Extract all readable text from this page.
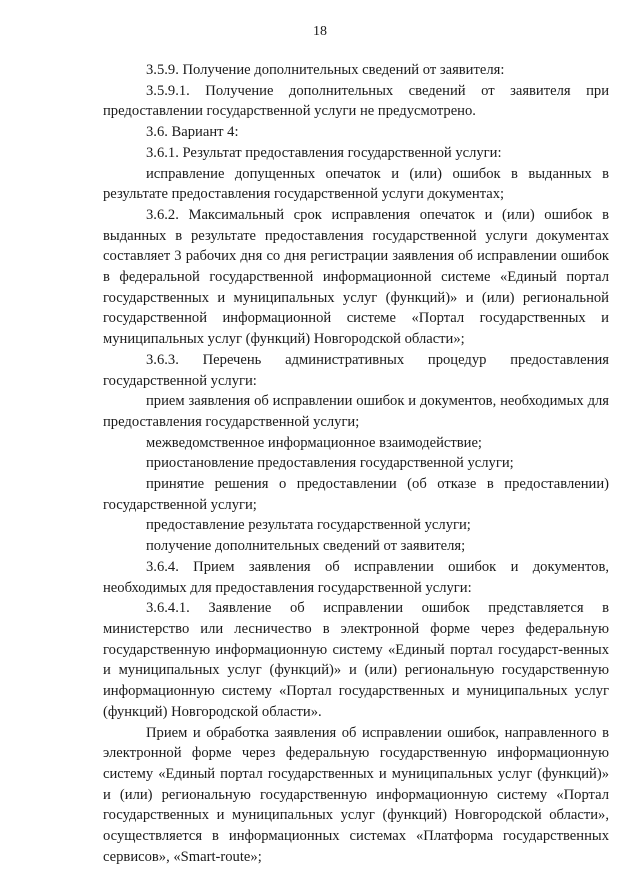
18

3.5.9. Получение дополнительных сведений от заявителя:

3.5.9.1. Получение дополнительных сведений от заявителя при предоставлении государственной услуги не предусмотрено.

3.6. Вариант 4:

3.6.1. Результат предоставления государственной услуги:

исправление допущенных опечаток и (или) ошибок в выданных в результате предоставления государственной услуги документах;

3.6.2. Максимальный срок исправления опечаток и (или) ошибок в выданных в результате предоставления государственной услуги документах составляет 3 рабочих дня со дня регистрации заявления об исправлении ошибок в федеральной государственной информационной системе «Единый портал государственных и муниципальных услуг (функций)» и (или) региональной государственной информационной системе «Портал государственных и муниципальных услуг (функций) Новгородской области»;

3.6.3. Перечень административных процедур предоставления государственной услуги:

прием заявления об исправлении ошибок и документов, необходимых для предоставления государственной услуги;

межведомственное информационное взаимодействие;

приостановление предоставления государственной услуги;

принятие решения о предоставлении (об отказе в предоставлении) государственной услуги;

предоставление результата государственной услуги;

получение дополнительных сведений от заявителя;

3.6.4. Прием заявления об исправлении ошибок и документов, необходимых для предоставления государственной услуги:

3.6.4.1. Заявление об исправлении ошибок представляется в министерство или лесничество в электронной форме через федеральную государственную информационную систему «Единый портал государст-венных и муниципальных услуг (функций)» и (или) региональную государственную информационную систему «Портал государственных и муниципальных услуг (функций) Новгородской области».

Прием и обработка заявления об исправлении ошибок, направленного в электронной форме через федеральную государственную информационную систему «Единый портал государственных и муниципальных услуг (функций)» и (или) региональную государственную информационную систему «Портал государственных и муниципальных услуг (функций) Новгородской области», осуществляется в информационных системах «Платформа государственных сервисов», «Smart-route»;
